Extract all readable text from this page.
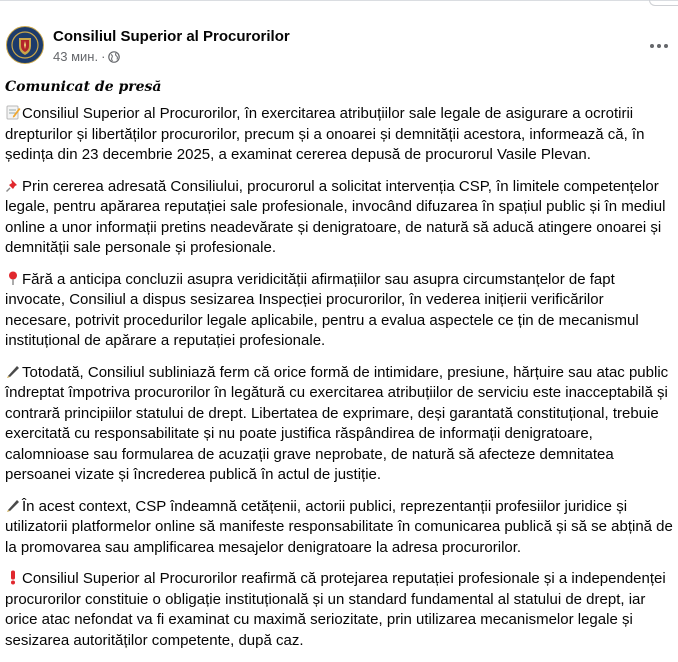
Consiliul Superior al Procurorilor
43 мин. ·
Comunicat de presă

Consiliul Superior al Procurorilor, în exercitarea atribuțiilor sale legale de asigurare a ocrotirii drepturilor și libertăților procurorilor, precum și a onoarei și demnității acestora, informează că, în ședința din 23 decembrie 2025, a examinat cererea depusă de procurorul Vasile Plevan.

Prin cererea adresată Consiliului, procurorul a solicitat intervenția CSP, în limitele competențelor legale, pentru apărarea reputației sale profesionale, invocând difuzarea în spațiul public și în mediul online a unor informații pretins neadevărate și denigratoare, de natură să aducă atingere onoarei și demnității sale personale și profesionale.

Fără a anticipa concluzii asupra veridicității afirmațiilor sau asupra circumstanțelor de fapt invocate, Consiliul a dispus sesizarea Inspecției procurorilor, în vederea inițierii verificărilor necesare, potrivit procedurilor legale aplicabile, pentru a evalua aspectele ce țin de mecanismul instituțional de apărare a reputației profesionale.

Totodată, Consiliul subliniază ferm că orice formă de intimidare, presiune, hărțuire sau atac public îndreptat împotriva procurorilor în legătură cu exercitarea atribuțiilor de serviciu este inacceptabilă și contrară principiilor statului de drept. Libertatea de exprimare, deși garantată constituțional, trebuie exercitată cu responsabilitate și nu poate justifica răspândirea de informații denigratoare, calomnioase sau formularea de acuzații grave neprobate, de natură să afecteze demnitatea persoanei vizate și încrederea publică în actul de justiție.

În acest context, CSP îndeamnă cetățenii, actorii publici, reprezentanții profesiilor juridice și utilizatorii platformelor online să manifeste responsabilitate în comunicarea publică și să se abțină de la promovarea sau amplificarea mesajelor denigratoare la adresa procurorilor.

Consiliul Superior al Procurorilor reafirmă că protejarea reputației profesionale și a independenței procurorilor constituie o obligație instituțională și un standard fundamental al statului de drept, iar orice atac nefondat va fi examinat cu maximă seriozitate, prin utilizarea mecanismelor legale și sesizarea autorităților competente, după caz.
